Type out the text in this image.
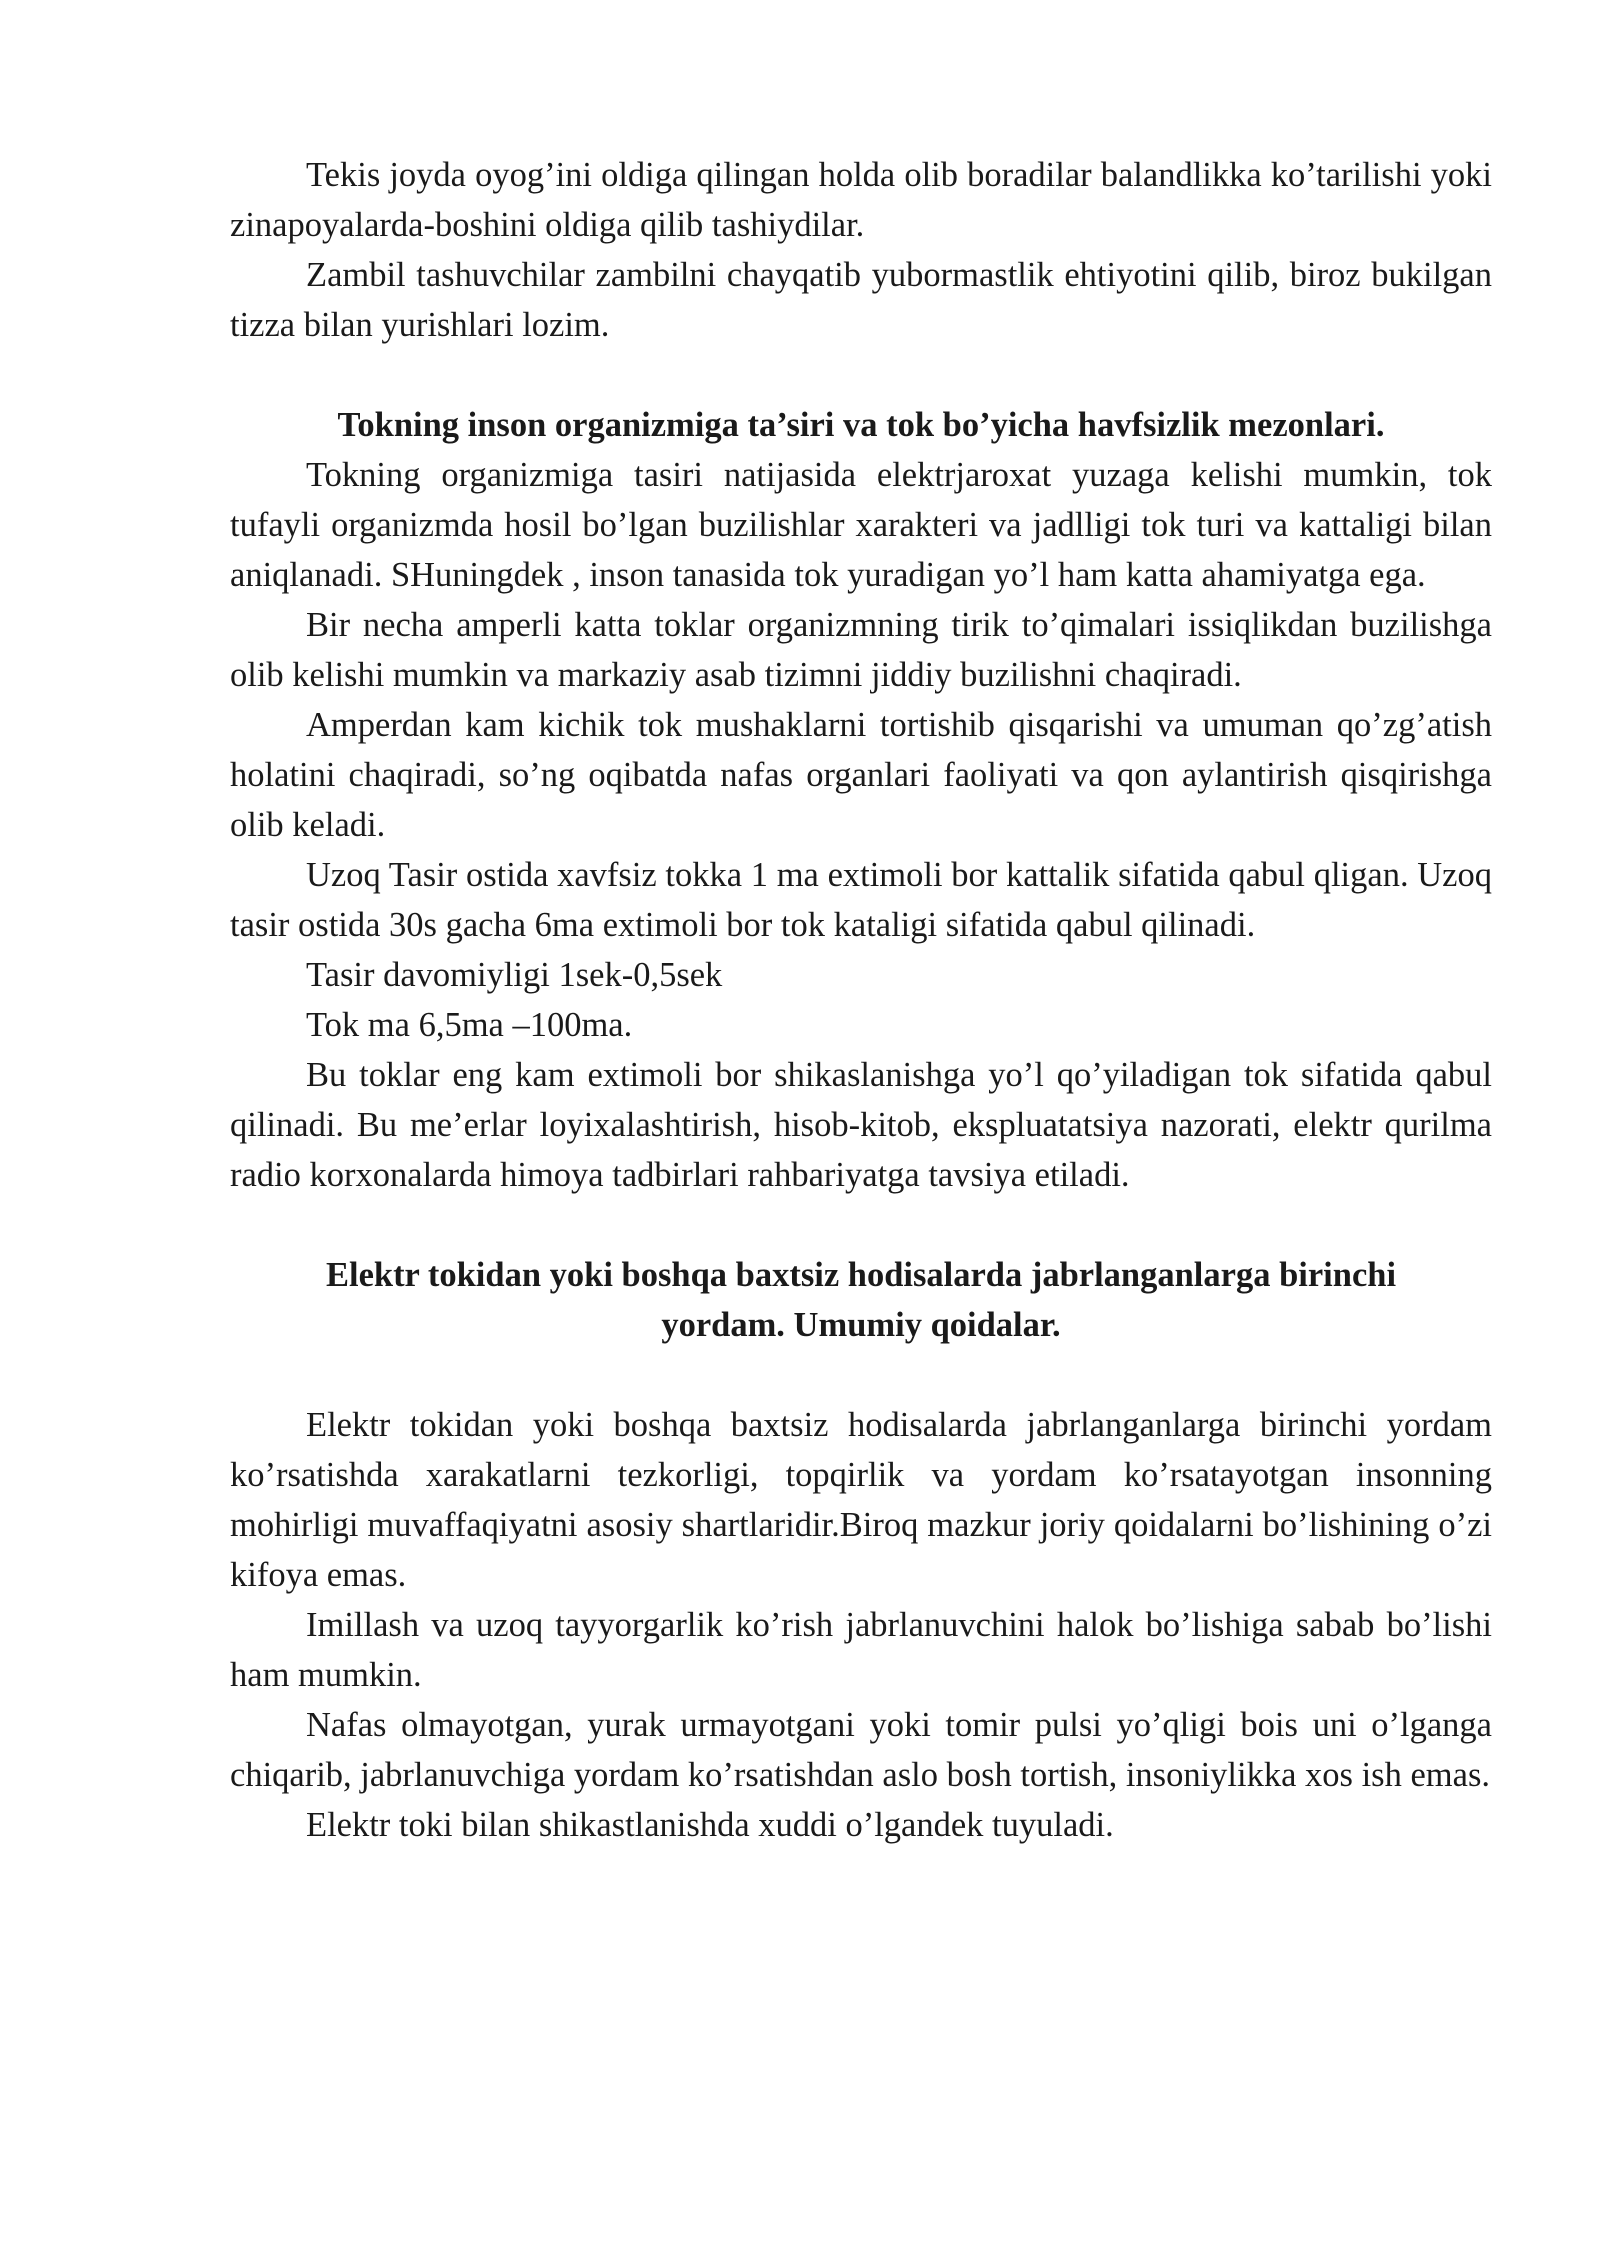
Tekis joyda oyog’ini oldiga qilingan holda olib boradilar balandlikka ko’tarilishi yoki zinapoyalarda-boshini oldiga qilib tashiydilar.

Zambil tashuvchilar zambilni chayqatib yubormastlik ehtiyotini qilib, biroz bukilgan tizza bilan yurishlari lozim.

Tokning inson organizmiga ta’siri va tok bo’yicha havfsizlik mezonlari.

Tokning organizmiga tasiri natijasida elektrjaroxat yuzaga kelishi mumkin, tok tufayli organizmda hosil bo’lgan buzilishlar xarakteri va jadlligi tok turi va kattaligi bilan aniqlanadi. SHuningdek , inson tanasida tok yuradigan yo’l ham katta ahamiyatga ega.

Bir necha amperli katta toklar organizmning tirik to’qimalari issiqlikdan buzilishga olib kelishi mumkin va markaziy asab tizimni jiddiy buzilishni chaqiradi.

Amperdan kam kichik tok mushaklarni tortishib qisqarishi va umuman qo’zg’atish holatini chaqiradi, so’ng oqibatda nafas organlari faoliyati va qon aylantirish qisqirishga olib keladi.

Uzoq Tasir ostida xavfsiz tokka 1 ma extimoli bor kattalik sifatida qabul qligan. Uzoq tasir ostida 30s gacha 6ma extimoli bor tok kataligi sifatida qabul qilinadi.

Tasir davomiyligi 1sek-0,5sek

Tok ma 6,5ma –100ma.

Bu toklar eng kam extimoli bor shikaslanishga yo’l qo’yiladigan tok sifatida qabul qilinadi. Bu me’erlar loyixalashtirish, hisob-kitob, ekspluatatsiya nazorati, elektr qurilma radio korxonalarda himoya tadbirlari rahbariyatga tavsiya etiladi.

Elektr tokidan yoki boshqa baxtsiz hodisalarda jabrlanganlarga birinchi

yordam. Umumiy qoidalar.

Elektr tokidan yoki boshqa baxtsiz hodisalarda jabrlanganlarga birinchi yordam ko’rsatishda xarakatlarni tezkorligi, topqirlik va yordam ko’rsatayotgan insonning mohirligi muvaffaqiyatni asosiy shartlaridir.Biroq mazkur joriy qoidalarni bo’lishining o’zi kifoya emas.

Imillash va uzoq tayyorgarlik ko’rish jabrlanuvchini halok bo’lishiga sabab bo’lishi ham mumkin.

Nafas olmayotgan, yurak urmayotgani yoki tomir pulsi yo’qligi bois uni o’lganga chiqarib, jabrlanuvchiga yordam ko’rsatishdan aslo bosh tortish, insoniylikka xos ish emas.

Elektr toki bilan shikastlanishda xuddi o’lgandek tuyuladi.
